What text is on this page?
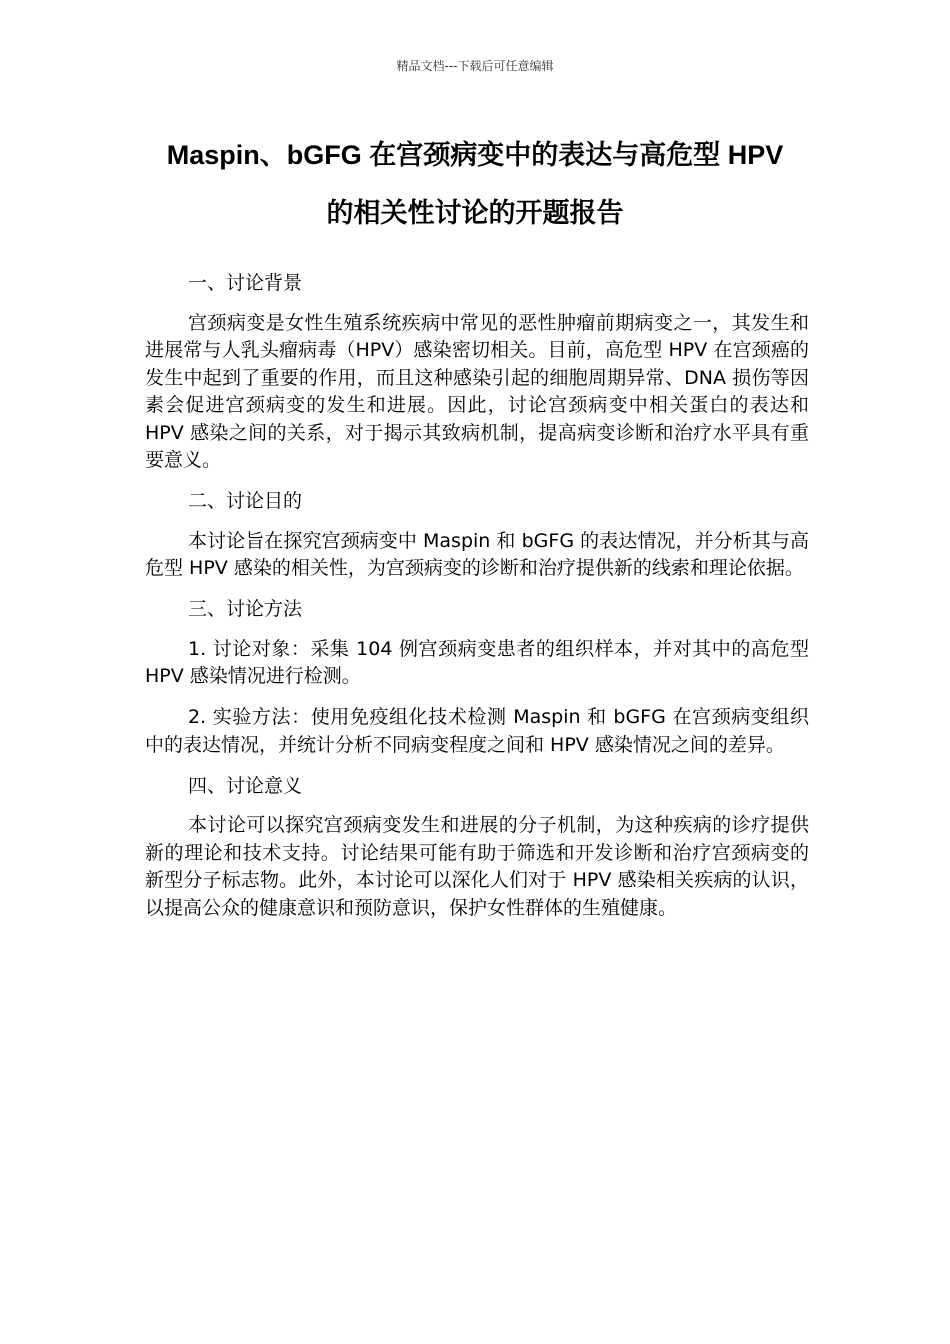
精品文档---下载后可任意编辑
Maspin、bGFG 在宫颈病变中的表达与高危型 HPV
的相关性讨论的开题报告

一、讨论背景

宫颈病变是女性生殖系统疾病中常见的恶性肿瘤前期病变之一，其发生和进展常与人乳头瘤病毒（HPV）感染密切相关。目前，高危型 HPV 在宫颈癌的发生中起到了重要的作用，而且这种感染引起的细胞周期异常、DNA 损伤等因素会促进宫颈病变的发生和进展。因此，讨论宫颈病变中相关蛋白的表达和 HPV 感染之间的关系，对于揭示其致病机制，提高病变诊断和治疗水平具有重要意义。

二、讨论目的

本讨论旨在探究宫颈病变中 Maspin 和 bGFG 的表达情况，并分析其与高危型 HPV 感染的相关性，为宫颈病变的诊断和治疗提供新的线索和理论依据。

三、讨论方法

1. 讨论对象：采集 104 例宫颈病变患者的组织样本，并对其中的高危型 HPV 感染情况进行检测。

2. 实验方法：使用免疫组化技术检测 Maspin 和 bGFG 在宫颈病变组织中的表达情况，并统计分析不同病变程度之间和 HPV 感染情况之间的差异。

四、讨论意义

本讨论可以探究宫颈病变发生和进展的分子机制，为这种疾病的诊疗提供新的理论和技术支持。讨论结果可能有助于筛选和开发诊断和治疗宫颈病变的新型分子标志物。此外，本讨论可以深化人们对于 HPV 感染相关疾病的认识，以提高公众的健康意识和预防意识，保护女性群体的生殖健康。
